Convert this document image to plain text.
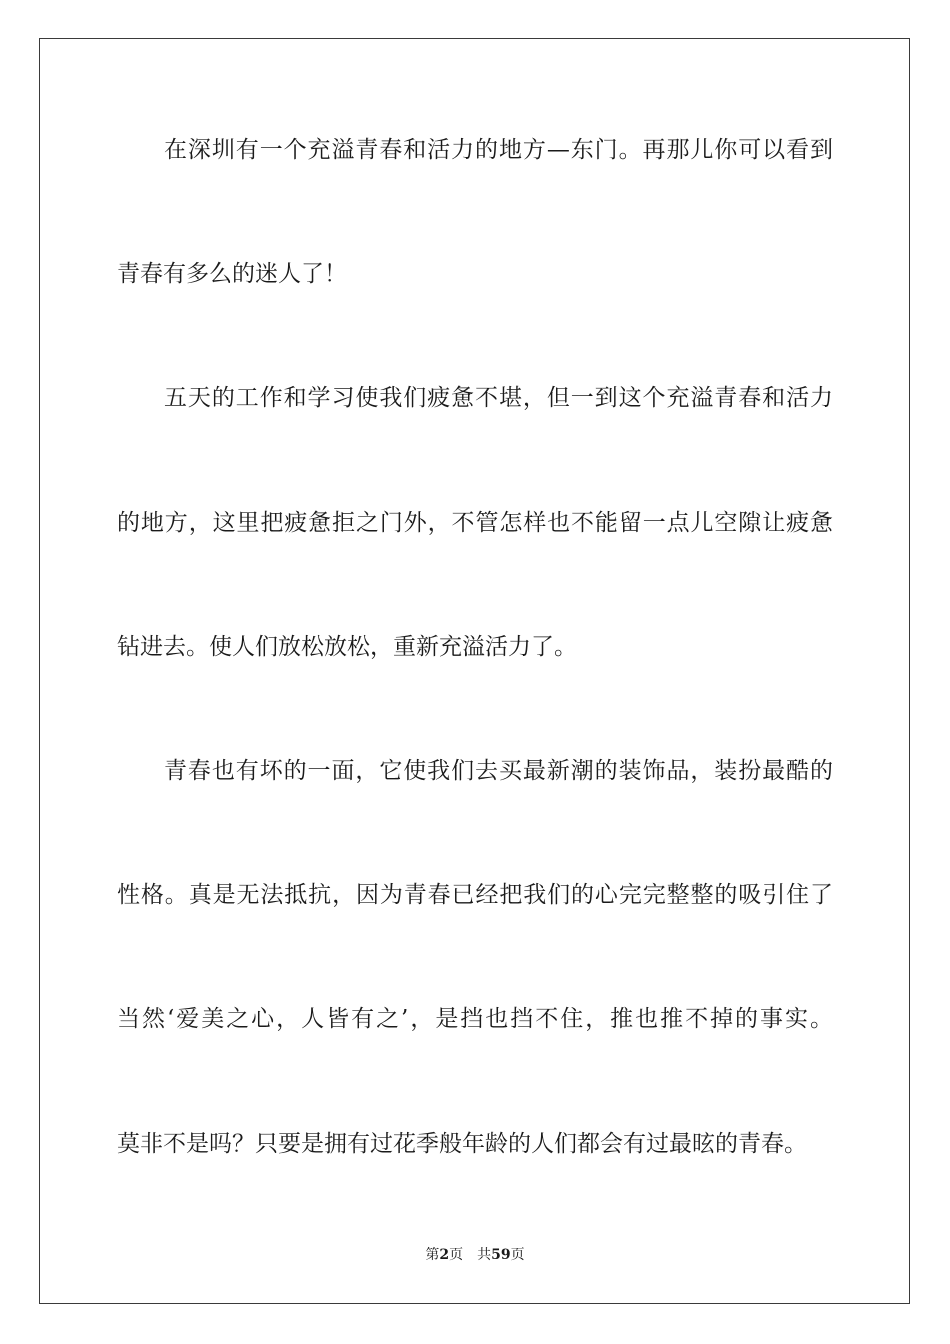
在深圳有一个充溢青春和活力的地方—东门。再那儿你可以看到
青春有多么的迷人了！
五天的工作和学习使我们疲惫不堪，但一到这个充溢青春和活力
的地方，这里把疲惫拒之门外，不管怎样也不能留一点儿空隙让疲惫
钻进去。使人们放松放松，重新充溢活力了。
青春也有坏的一面，它使我们去买最新潮的装饰品，装扮最酷的
性格。真是无法抵抗，因为青春已经把我们的心完完整整的吸引住了
当然‘爱美之心，人皆有之’，是挡也挡不住，推也推不掉的事实。
莫非不是吗？只要是拥有过花季般年龄的人们都会有过最昡的青春。
第2页 共59页
